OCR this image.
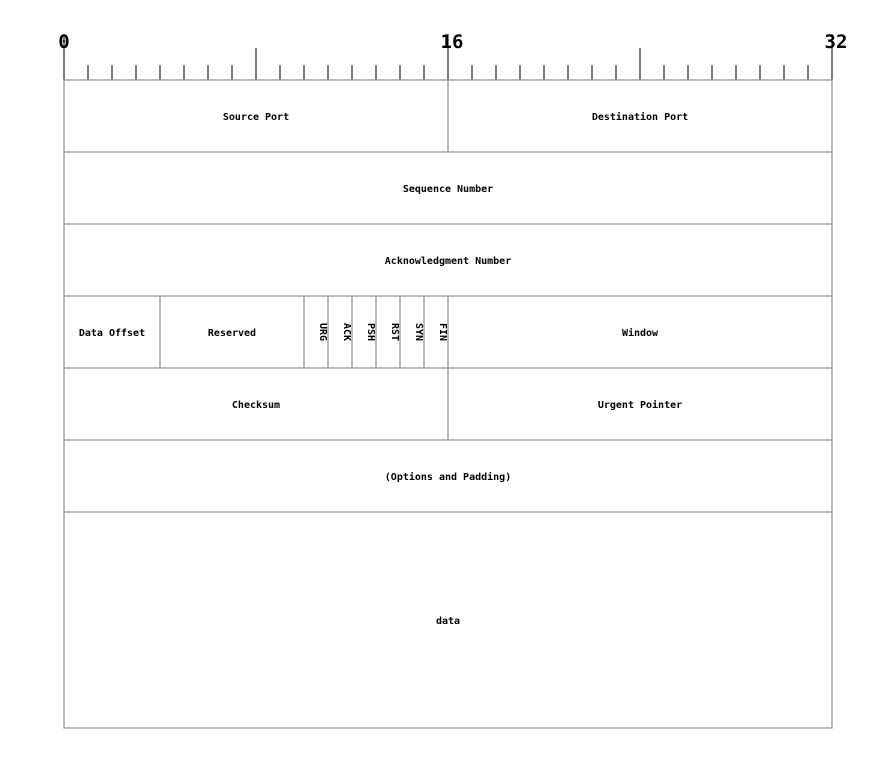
0	16	32
Source Port	Destination Port
Sequence Number
Acknowledgment Number
Data Offset	Reserved	URG ACK PSH RST SYN FIN	Window
Checksum	Urgent Pointer
(Options and Padding)
data
